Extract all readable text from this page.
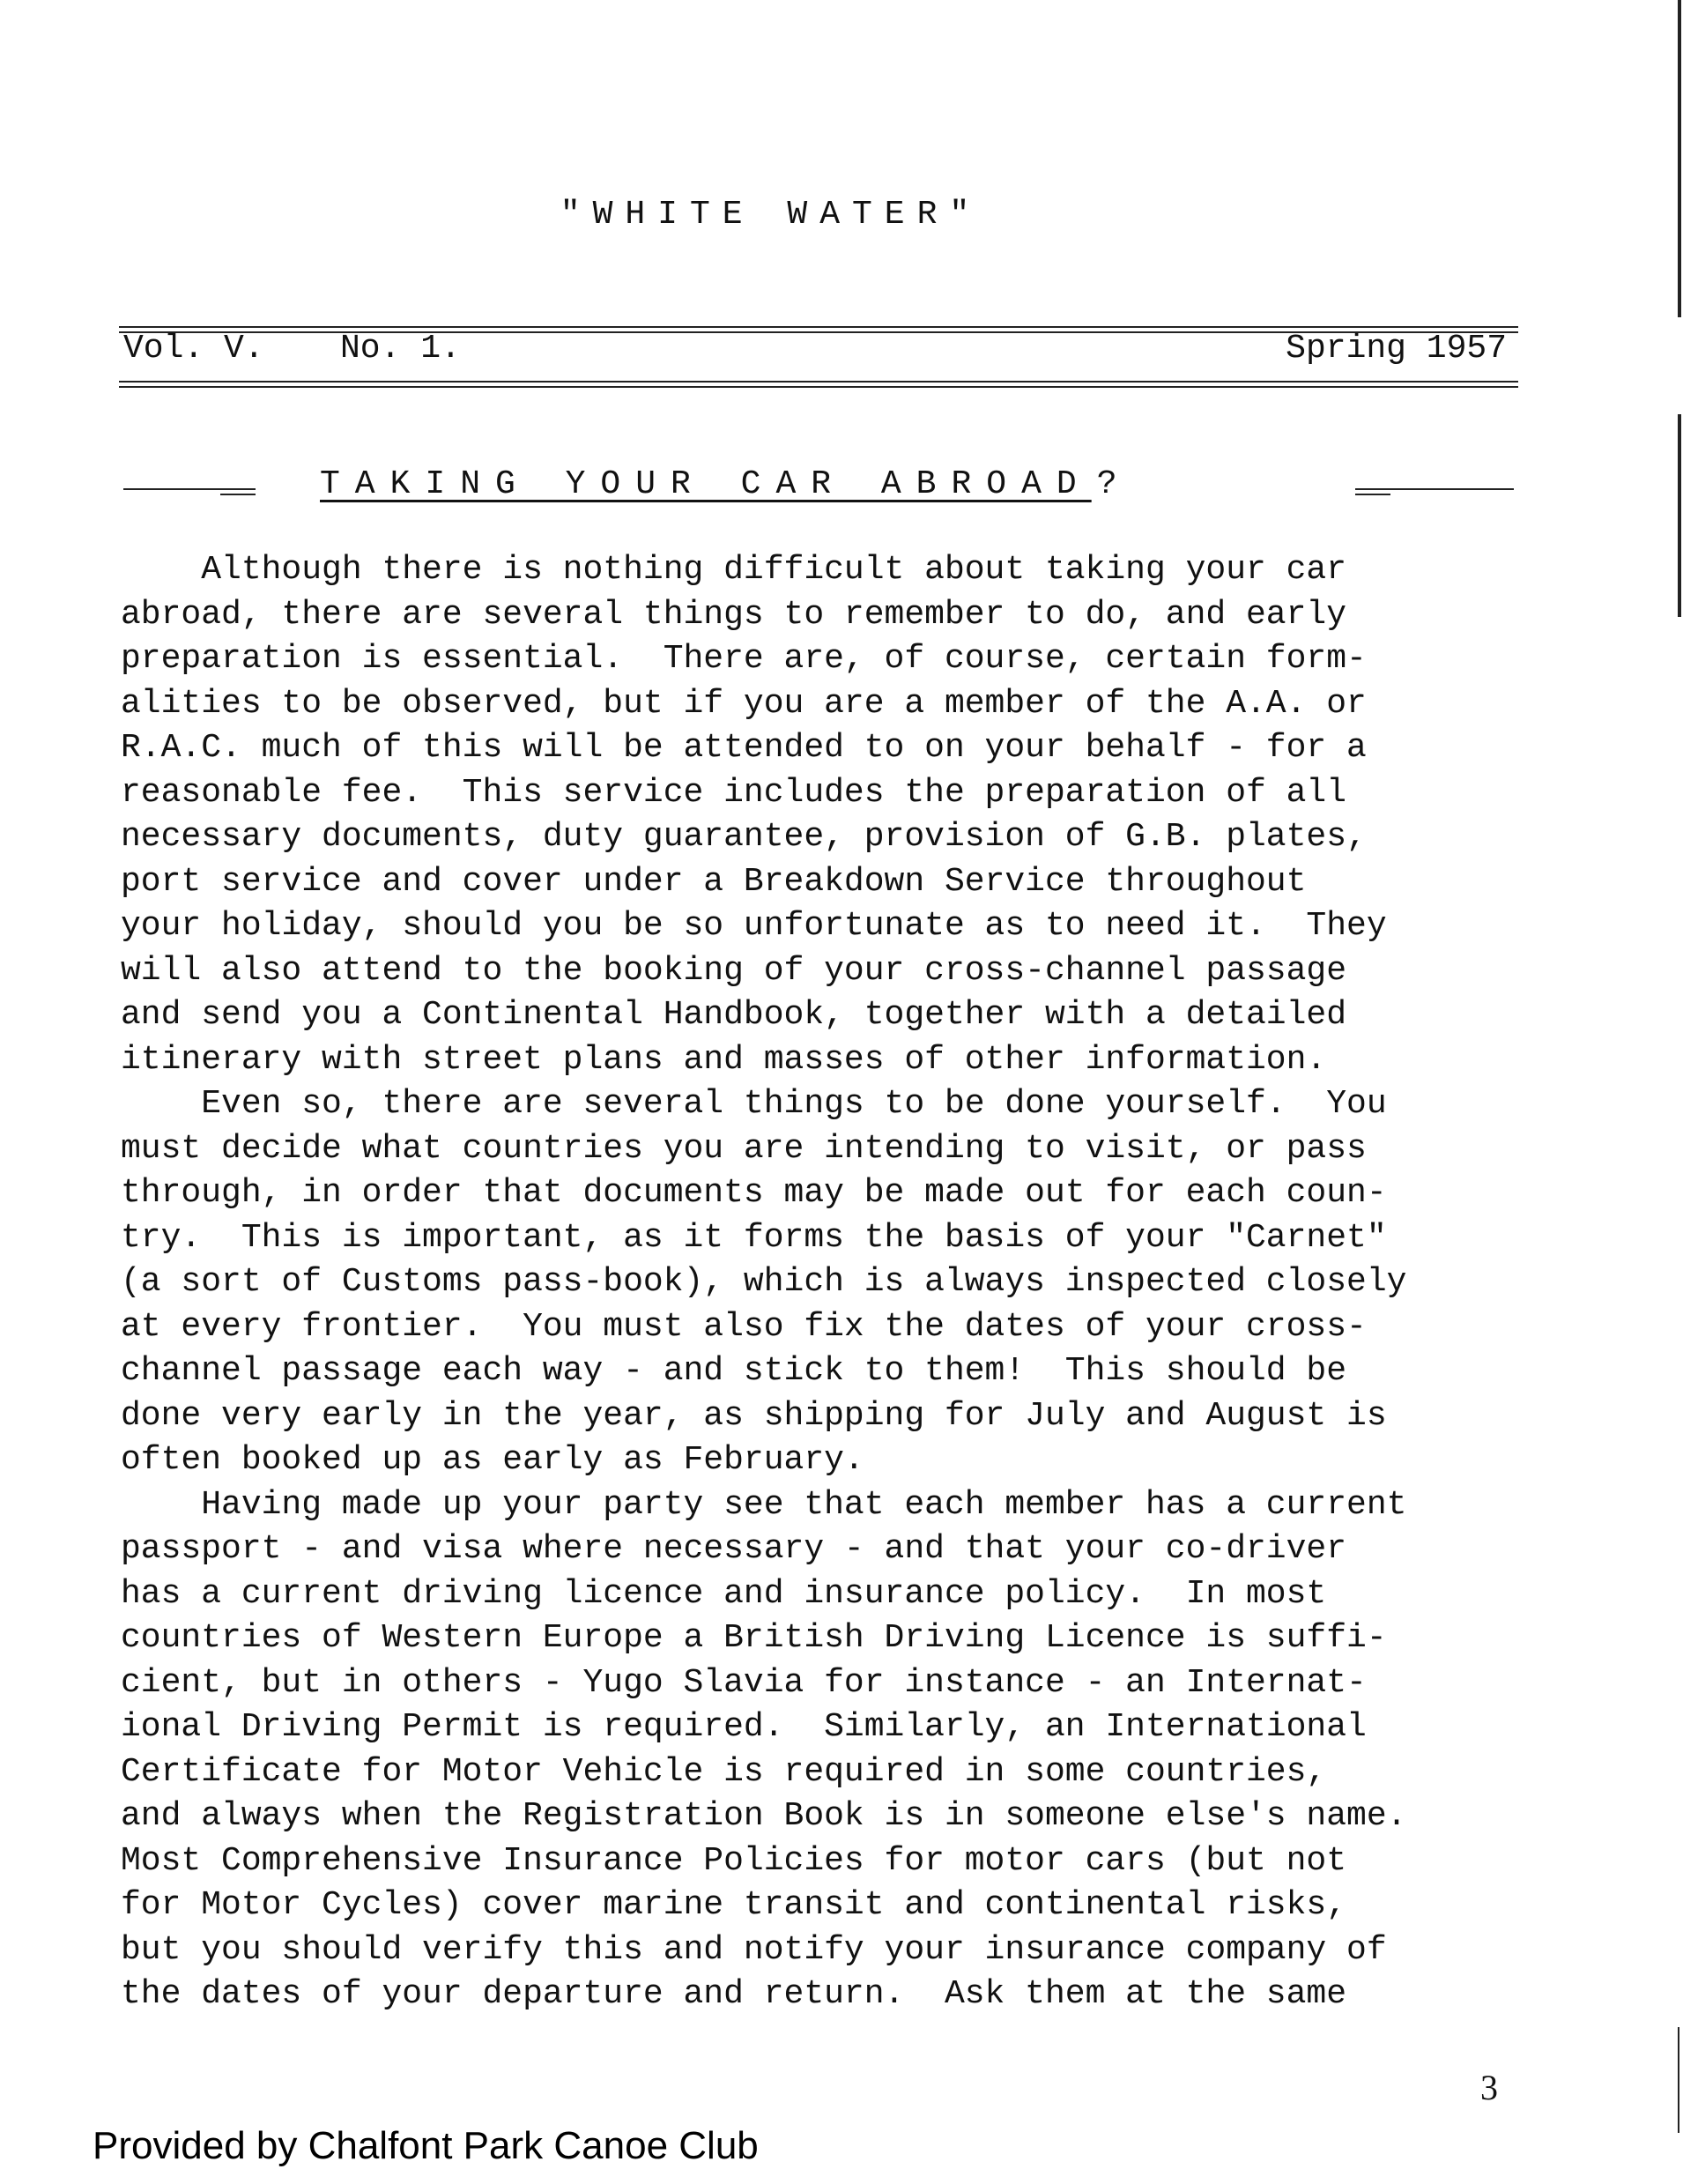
"WHITE WATER"
Vol. V. No. 1.	Spring 1957
TAKING YOUR CAR ABROAD ?
Although there is nothing difficult about taking your car
abroad, there are several things to remember to do, and early
preparation is essential.  There are, of course, certain form-
alities to be observed, but if you are a member of the A.A. or
R.A.C. much of this will be attended to on your behalf - for a
reasonable fee.  This service includes the preparation of all
necessary documents, duty guarantee, provision of G.B. plates,
port service and cover under a Breakdown Service throughout
your holiday, should you be so unfortunate as to need it.  They
will also attend to the booking of your cross-channel passage
and send you a Continental Handbook, together with a detailed
itinerary with street plans and masses of other information.
Even so, there are several things to be done yourself.  You
must decide what countries you are intending to visit, or pass
through, in order that documents may be made out for each coun-
try.  This is important, as it forms the basis of your "Carnet"
(a sort of Customs pass-book), which is always inspected closely
at every frontier.  You must also fix the dates of your cross-
channel passage each way - and stick to them!  This should be
done very early in the year, as shipping for July and August is
often booked up as early as February.
Having made up your party see that each member has a current
passport - and visa where necessary - and that your co-driver
has a current driving licence and insurance policy.  In most
countries of Western Europe a British Driving Licence is suffi-
cient, but in others - Yugo Slavia for instance - an Internat-
ional Driving Permit is required.  Similarly, an International
Certificate for Motor Vehicle is required in some countries,
and always when the Registration Book is in someone else's name.
Most Comprehensive Insurance Policies for motor cars (but not
for Motor Cycles) cover marine transit and continental risks,
but you should verify this and notify your insurance company of
the dates of your departure and return.  Ask them at the same
3
Provided by Chalfont Park Canoe Club
